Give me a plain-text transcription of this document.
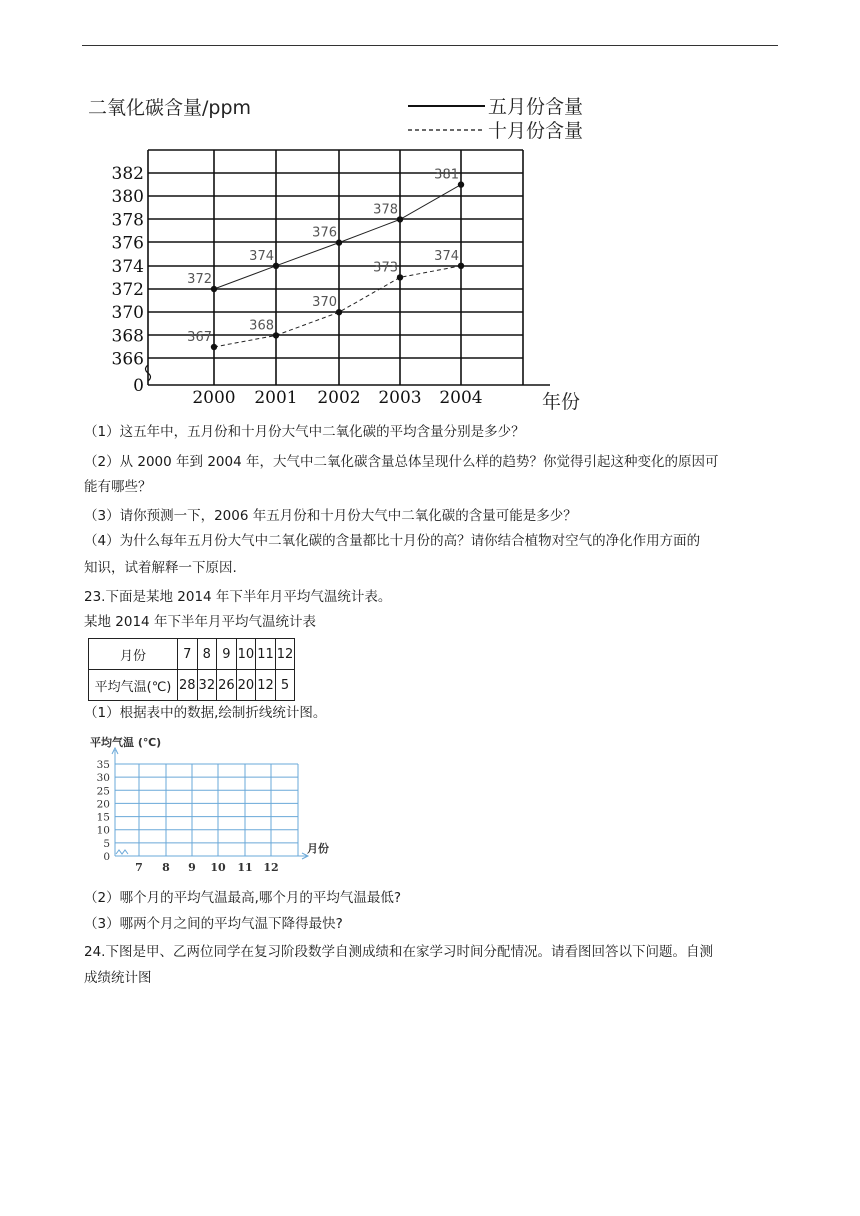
二氧化碳含量/ppm	五月份含量
十月份含量
382
380
378
376
374
372
370
368
366
0
2000 2001 2002 2003 2004	年份
372
374
376
378
381
367
368
370
373
374
（1）这五年中，五月份和十月份大气中二氧化碳的平均含量分别是多少？
（2）从 2000 年到 2004 年，大气中二氧化碳含量总体呈现什么样的趋势？你觉得引起这种变化的原因可
能有哪些？
（3）请你预测一下，2006 年五月份和十月份大气中二氧化碳的含量可能是多少？
（4）为什么每年五月份大气中二氧化碳的含量都比十月份的高？请你结合植物对空气的净化作用方面的
知识，试着解释一下原因.
23.下面是某地 2014 年下半年月平均气温统计表。
某地 2014 年下半年月平均气温统计表
月份	7	8	9	10	11	12
平均气温(℃)	28	32	26	20	12	5
（1）根据表中的数据,绘制折线统计图。
平均气温 (℃)
35
30
25
20
15
10
5
0
7 8 9 10 11 12
月份
（2）哪个月的平均气温最高,哪个月的平均气温最低?
（3）哪两个月之间的平均气温下降得最快?
24.下图是甲、乙两位同学在复习阶段数学自测成绩和在家学习时间分配情况。请看图回答以下问题。自测
成绩统计图
